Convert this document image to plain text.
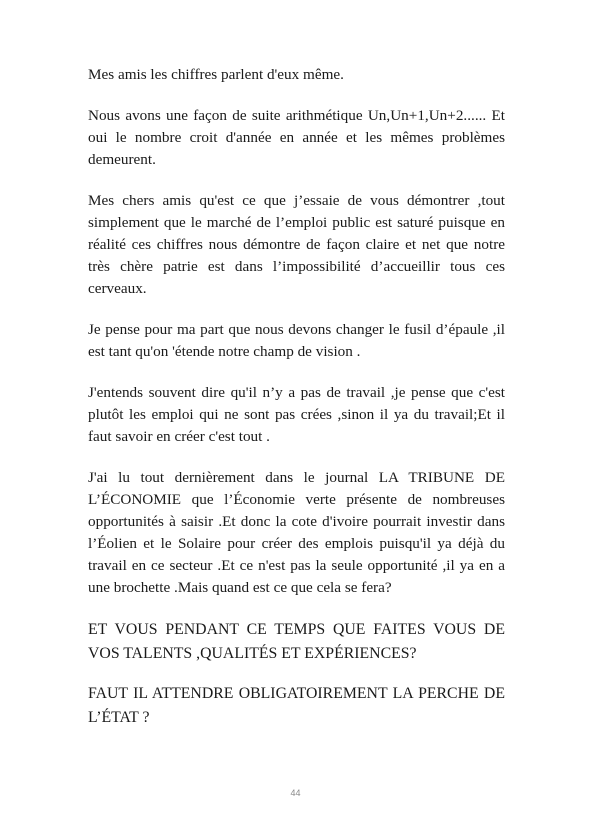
Mes amis les chiffres parlent d'eux même.

Nous avons une façon de suite arithmétique Un,Un+1,Un+2...... Et oui le nombre croit d'année en année et les mêmes problèmes demeurent.

Mes chers amis qu'est ce que j’essaie de vous démontrer ,tout simplement que le marché de l’emploi public est saturé puisque en réalité ces chiffres nous démontre de façon claire et net que notre très chère patrie est dans l’impossibilité d’accueillir tous ces cerveaux.

Je pense pour ma part que nous devons changer le fusil d’épaule ,il est tant qu'on 'étende notre champ de vision .

J'entends souvent dire qu'il n’y a pas de travail ,je pense que c'est plutôt les emploi qui ne sont pas crées ,sinon il ya du travail;Et il faut savoir en créer c'est tout .

J'ai lu tout dernièrement dans le journal LA TRIBUNE DE L’ÉCONOMIE que l’Économie verte présente de nombreuses opportunités à saisir .Et donc la cote d'ivoire pourrait investir dans l’Éolien et le Solaire pour créer des emplois puisqu'il ya déjà du travail en ce secteur .Et ce n'est pas la seule opportunité ,il ya en a une brochette .Mais quand est ce que cela se fera?

ET VOUS PENDANT CE TEMPS QUE FAITES VOUS DE VOS TALENTS ,QUALITÉS ET EXPÉRIENCES?

FAUT IL ATTENDRE OBLIGATOIREMENT LA PERCHE DE L’ÉTAT ?

44
